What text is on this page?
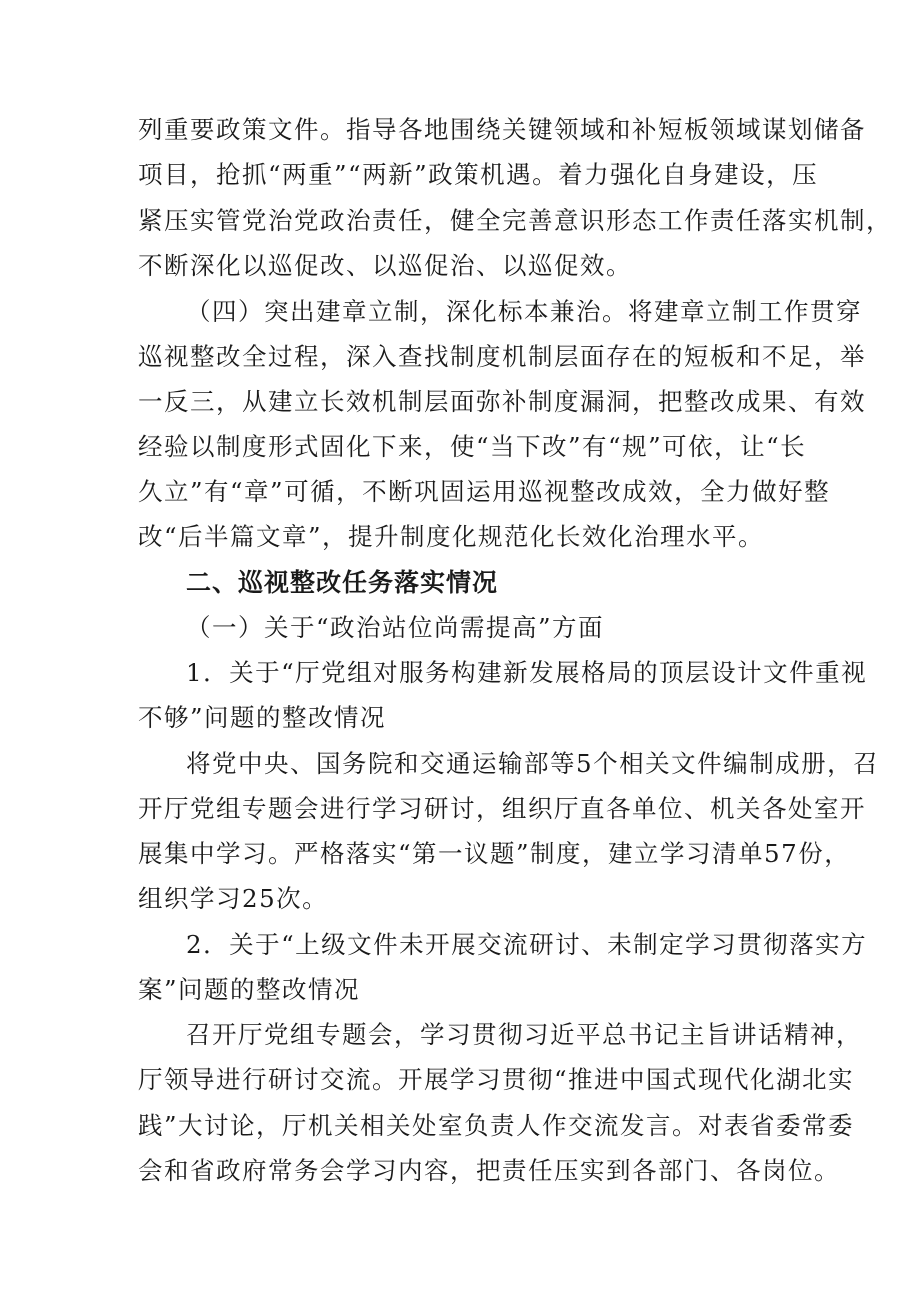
列重要政策文件。指导各地围绕关键领域和补短板领域谋划储备
项目，抢抓“两重”“两新”政策机遇。着力强化自身建设，压
紧压实管党治党政治责任，健全完善意识形态工作责任落实机制，
不断深化以巡促改、以巡促治、以巡促效。
（四）突出建章立制，深化标本兼治。将建章立制工作贯穿
巡视整改全过程，深入查找制度机制层面存在的短板和不足，举
一反三，从建立长效机制层面弥补制度漏洞，把整改成果、有效
经验以制度形式固化下来，使“当下改”有“规”可依，让“长
久立”有“章”可循，不断巩固运用巡视整改成效，全力做好整
改“后半篇文章”，提升制度化规范化长效化治理水平。
二、巡视整改任务落实情况
（一）关于“政治站位尚需提高”方面
1．关于“厅党组对服务构建新发展格局的顶层设计文件重视
不够”问题的整改情况
将党中央、国务院和交通运输部等5个相关文件编制成册，召
开厅党组专题会进行学习研讨，组织厅直各单位、机关各处室开
展集中学习。严格落实“第一议题”制度，建立学习清单57份，
组织学习25次。
2．关于“上级文件未开展交流研讨、未制定学习贯彻落实方
案”问题的整改情况
召开厅党组专题会，学习贯彻习近平总书记主旨讲话精神，
厅领导进行研讨交流。开展学习贯彻“推进中国式现代化湖北实
践”大讨论，厅机关相关处室负责人作交流发言。对表省委常委
会和省政府常务会学习内容，把责任压实到各部门、各岗位。
